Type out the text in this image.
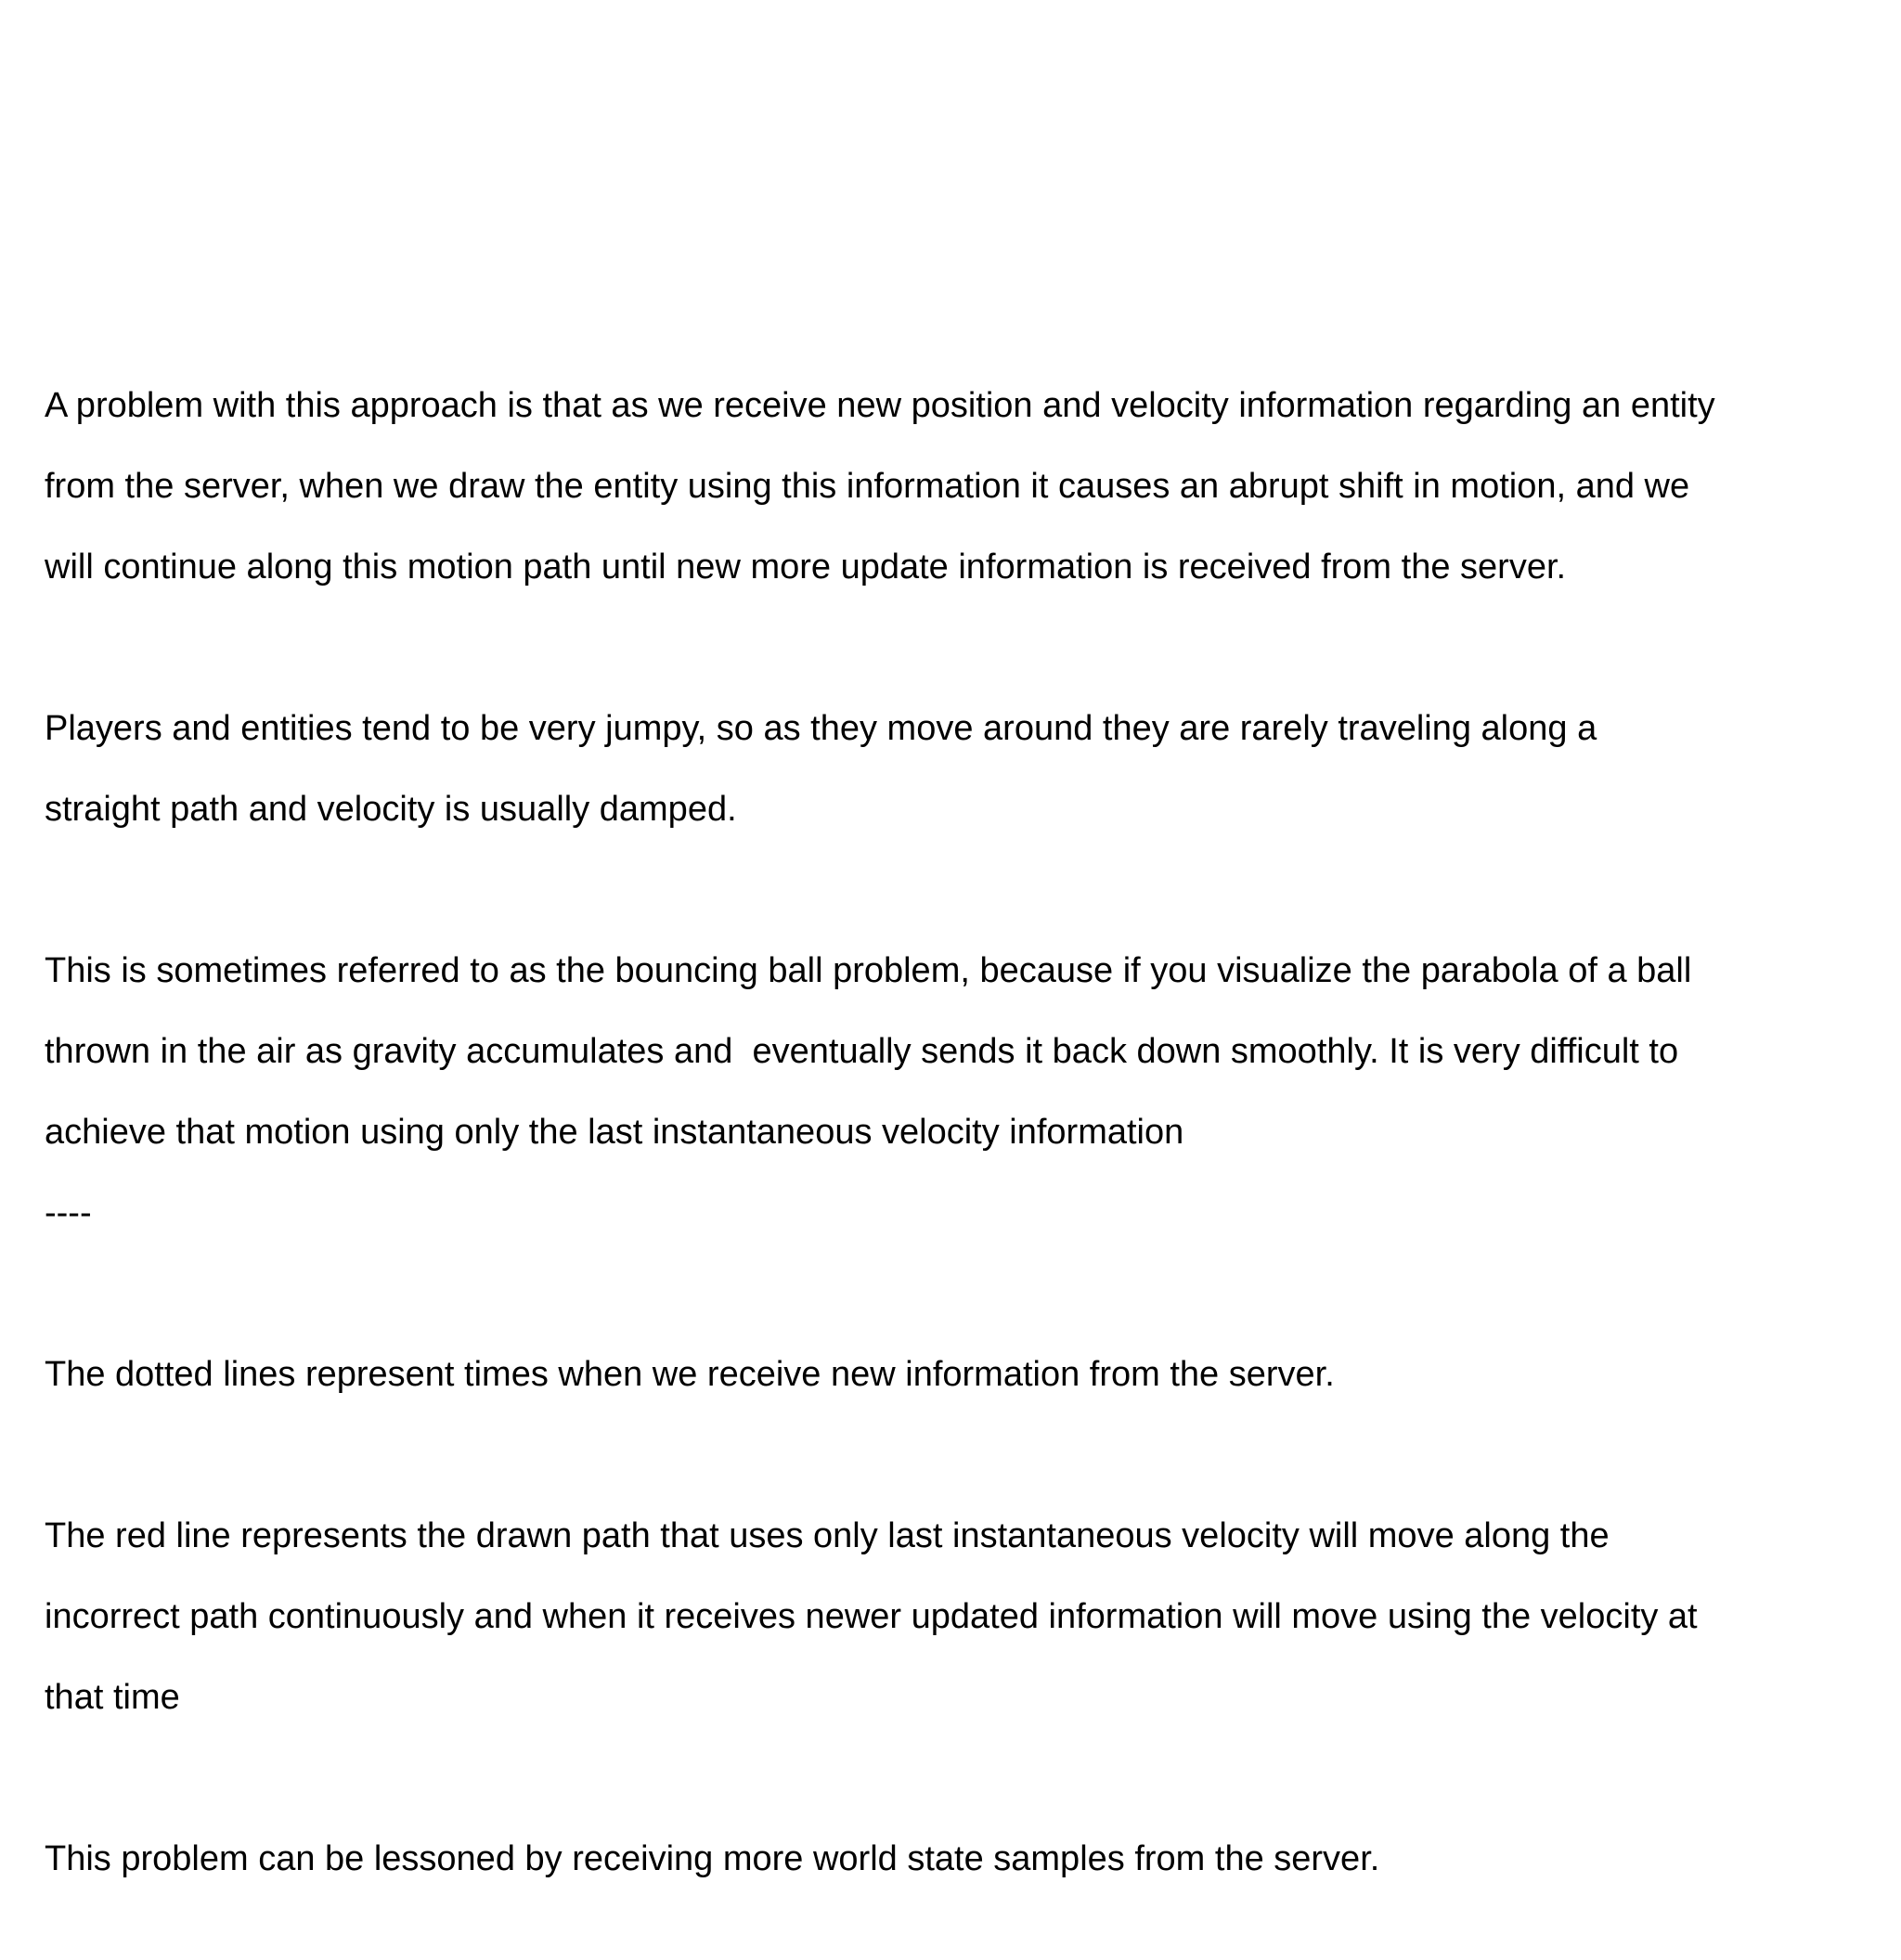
A problem with this approach is that as we receive new position and velocity information regarding an entity

from the server, when we draw the entity using this information it causes an abrupt shift in motion, and we

will continue along this motion path until new more update information is received from the server.

Players and entities tend to be very jumpy, so as they move around they are rarely traveling along a

straight path and velocity is usually damped.

This is sometimes referred to as the bouncing ball problem, because if you visualize the parabola of a ball

thrown in the air as gravity accumulates and  eventually sends it back down smoothly. It is very difficult to

achieve that motion using only the last instantaneous velocity information

----

The dotted lines represent times when we receive new information from the server.

The red line represents the drawn path that uses only last instantaneous velocity will move along the

incorrect path continuously and when it receives newer updated information will move using the velocity at

that time

This problem can be lessoned by receiving more world state samples from the server.
